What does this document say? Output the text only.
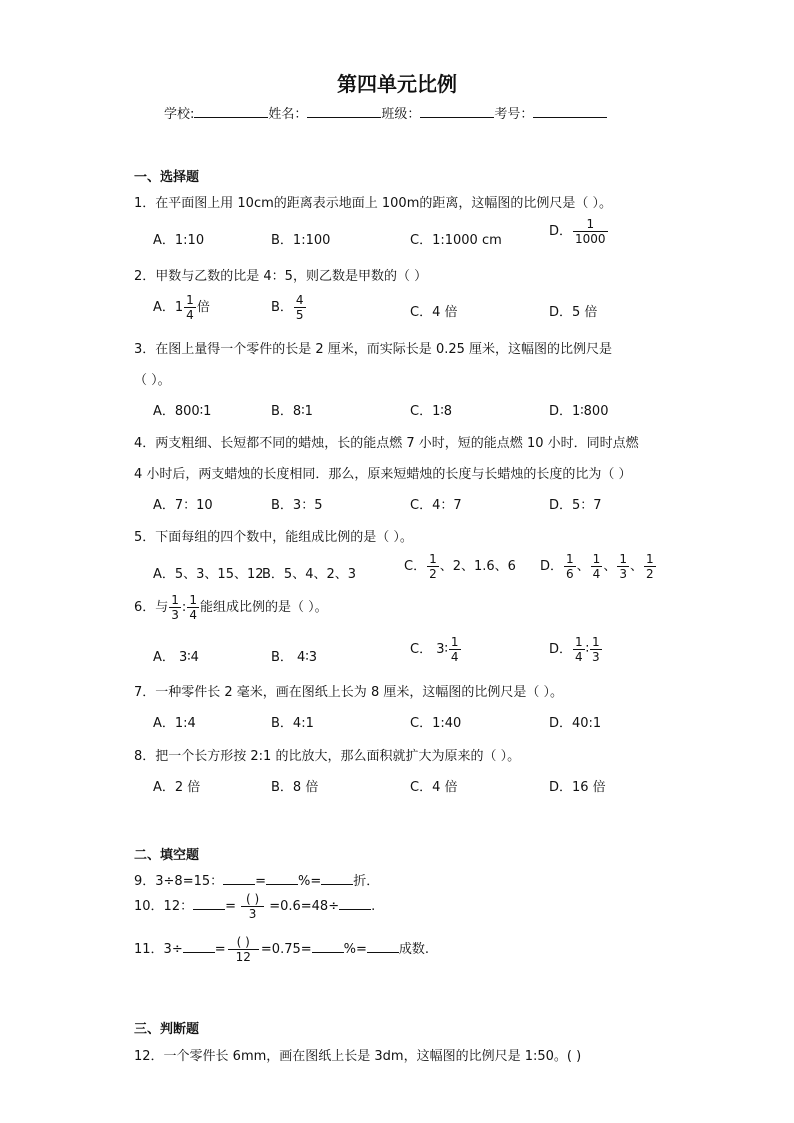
第四单元比例
学校:	姓名：	班级：	考号：
一、选择题
1．在平面图上用 10cm的距离表示地面上 100m的距离，这幅图的比例尺是（ ）。
A．1:10	B．1:100	C．1:1000 cm
D． $\frac{1}{1000}$
2．甲数与乙数的比是 4：5，则乙数是甲数的（ ）
A．$1 \frac{1}{4}$ 倍	B． $\frac{4}{5}$	C．4 倍	D．5 倍
3．在图上量得一个零件的长是 2 厘米，而实际长是 0.25 厘米，这幅图的比例尺是
（ ）。
A．800∶1	B．8∶1	C．1∶8	D．1∶800
4．两支粗细、长短都不同的蜡烛，长的能点燃 7 小时，短的能点燃 10 小时．同时点燃
4 小时后，两支蜡烛的长度相同．那么，原来短蜡烛的长度与长蜡烛的长度的比为（ ）
A．7：10	B．3：5	C．4：7	D．5：7
5．下面每组的四个数中，能组成比例的是（ ）。
A．5、3、15、12
B．5、4、2、3
C． $\frac{1}{2}$ 、2、1.6、6 D． $\frac{1}{6}$ 、 $\frac{1}{4}$ 、 $\frac{1}{3}$ 、 $\frac{1}{2}$
6．与 $\frac{1}{3}$ : $\frac{1}{4}$ 能组成比例的是（ ）。
A． 3∶4	B． 4∶3
C． 3∶ $\frac{1}{4}$	D． $\frac{1}{4}$ ∶ $\frac{1}{3}$
7．一种零件长 2 毫米，画在图纸上长为 8 厘米，这幅图的比例尺是（ ）。
A．1:4	B．4:1	C．1:40	D．40:1
8．把一个长方形按 2:1 的比放大，那么面积就扩大为原来的（ ）。
A．2 倍	B．8 倍	C．4 倍	D．16 倍
二、填空题
9．3÷8=15： = %= 折．
10．12： = $\frac{( )}{3} =0.6=48\div$ .
11．$3\div = \frac{( )}{12} =0.75=$ %= 成数.
三、判断题
12．一个零件长 6mm，画在图纸上长是 3dm，这幅图的比例尺是 1:50。( )
